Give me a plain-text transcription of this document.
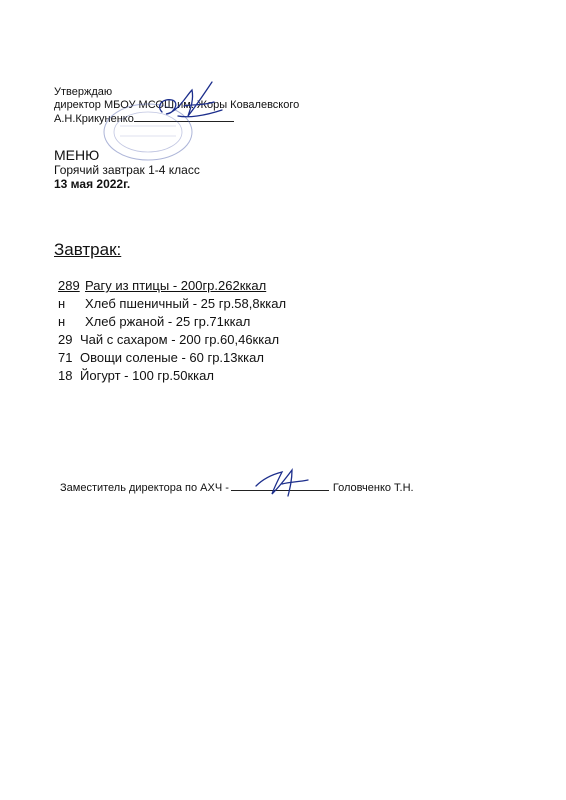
Утверждаю
директор МБОУ МСОШ им. Жоры Ковалевского
А.Н.Крикуненко
МЕНЮ
Горячий завтрак 1-4 класс
13 мая 2022г.
Завтрак:
289 Рагу из птицы - 200гр.262ккал
н	Хлеб пшеничный - 25 гр.58,8ккал
н	Хлеб ржаной - 25 гр.71ккал
29 Чай с сахаром - 200 гр.60,46ккал
71 Овощи соленые - 60 гр.13ккал
18 Йогурт - 100 гр.50ккал
Заместитель директора по АХЧ -	Головченко Т.Н.
